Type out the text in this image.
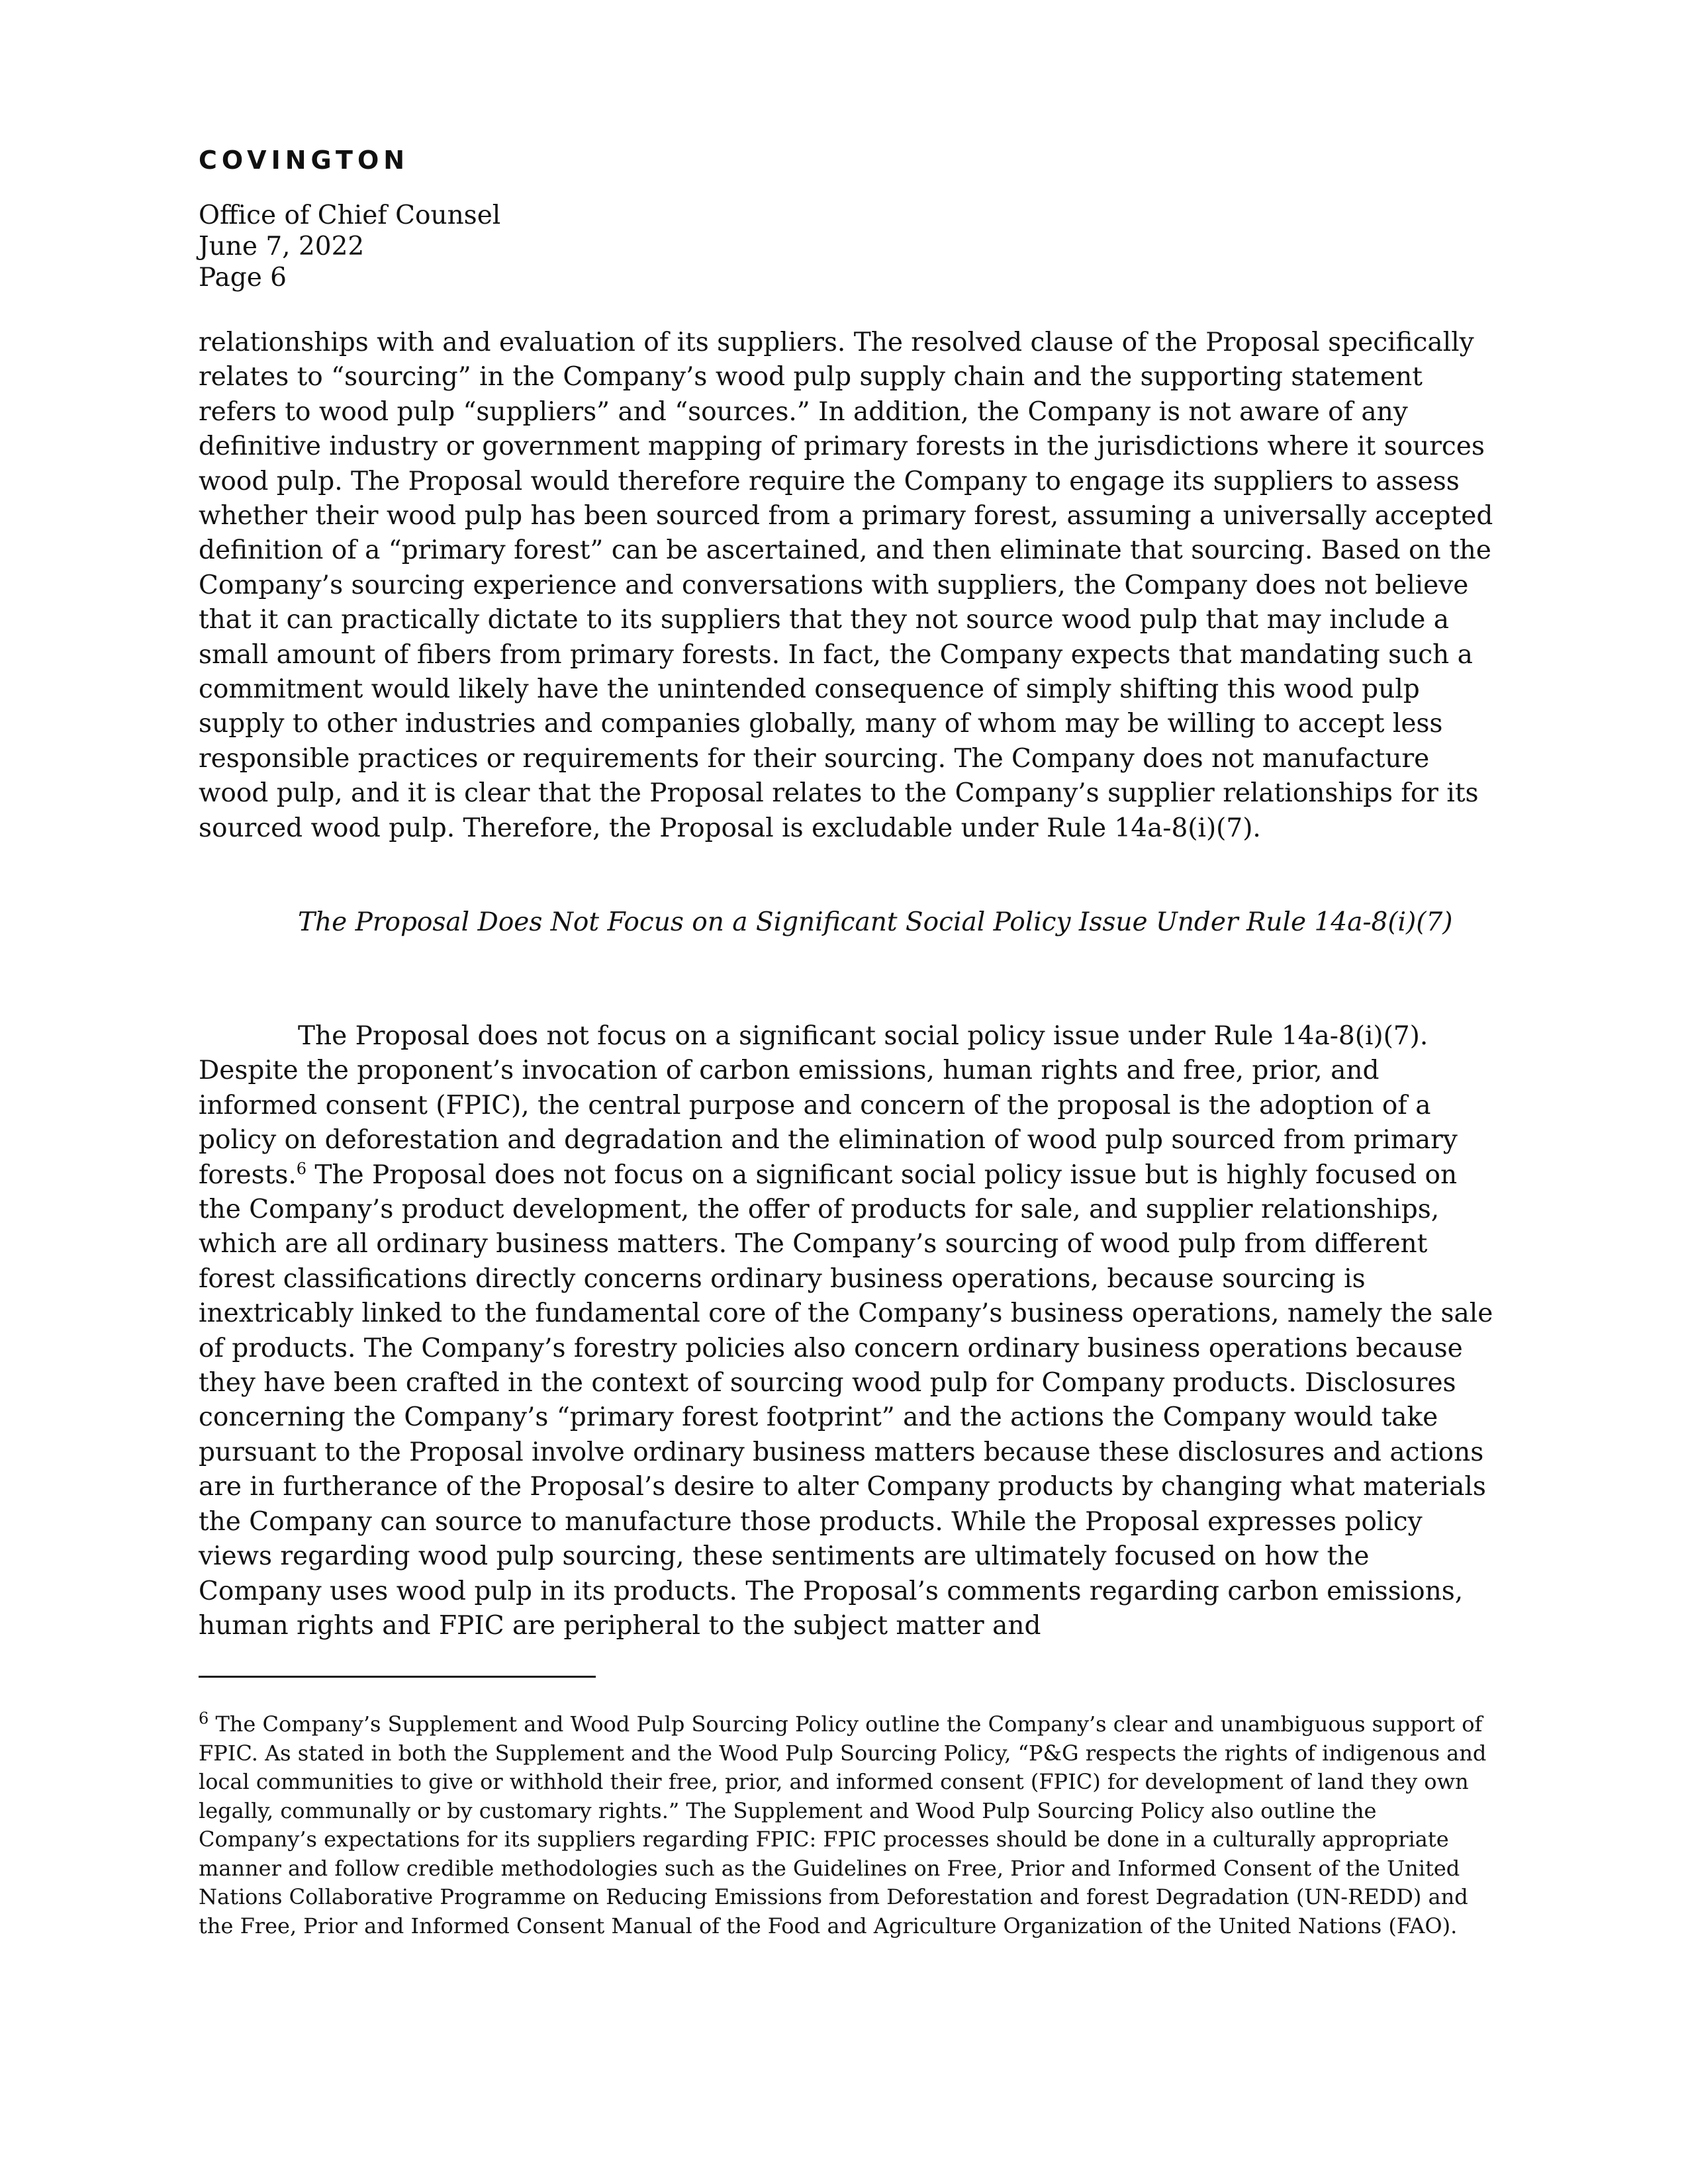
COVINGTON
Office of Chief Counsel
June 7, 2022
Page 6

relationships with and evaluation of its suppliers. The resolved clause of the Proposal specifically relates to “sourcing” in the Company’s wood pulp supply chain and the supporting statement refers to wood pulp “suppliers” and “sources.” In addition, the Company is not aware of any definitive industry or government mapping of primary forests in the jurisdictions where it sources wood pulp. The Proposal would therefore require the Company to engage its suppliers to assess whether their wood pulp has been sourced from a primary forest, assuming a universally accepted definition of a “primary forest” can be ascertained, and then eliminate that sourcing. Based on the Company’s sourcing experience and conversations with suppliers, the Company does not believe that it can practically dictate to its suppliers that they not source wood pulp that may include a small amount of fibers from primary forests. In fact, the Company expects that mandating such a commitment would likely have the unintended consequence of simply shifting this wood pulp supply to other industries and companies globally, many of whom may be willing to accept less responsible practices or requirements for their sourcing. The Company does not manufacture wood pulp, and it is clear that the Proposal relates to the Company’s supplier relationships for its sourced wood pulp. Therefore, the Proposal is excludable under Rule 14a-8(i)(7).

The Proposal Does Not Focus on a Significant Social Policy Issue Under Rule 14a-8(i)(7)

The Proposal does not focus on a significant social policy issue under Rule 14a-8(i)(7). Despite the proponent’s invocation of carbon emissions, human rights and free, prior, and informed consent (FPIC), the central purpose and concern of the proposal is the adoption of a policy on deforestation and degradation and the elimination of wood pulp sourced from primary forests.$^6$ The Proposal does not focus on a significant social policy issue but is highly focused on the Company’s product development, the offer of products for sale, and supplier relationships, which are all ordinary business matters. The Company’s sourcing of wood pulp from different forest classifications directly concerns ordinary business operations, because sourcing is inextricably linked to the fundamental core of the Company’s business operations, namely the sale of products. The Company’s forestry policies also concern ordinary business operations because they have been crafted in the context of sourcing wood pulp for Company products. Disclosures concerning the Company’s “primary forest footprint” and the actions the Company would take pursuant to the Proposal involve ordinary business matters because these disclosures and actions are in furtherance of the Proposal’s desire to alter Company products by changing what materials the Company can source to manufacture those products. While the Proposal expresses policy views regarding wood pulp sourcing, these sentiments are ultimately focused on how the Company uses wood pulp in its products. The Proposal’s comments regarding carbon emissions, human rights and FPIC are peripheral to the subject matter and

$^6$ The Company’s Supplement and Wood Pulp Sourcing Policy outline the Company’s clear and unambiguous support of FPIC. As stated in both the Supplement and the Wood Pulp Sourcing Policy, “P&G respects the rights of indigenous and local communities to give or withhold their free, prior, and informed consent (FPIC) for development of land they own legally, communally or by customary rights.” The Supplement and Wood Pulp Sourcing Policy also outline the Company’s expectations for its suppliers regarding FPIC: FPIC processes should be done in a culturally appropriate manner and follow credible methodologies such as the Guidelines on Free, Prior and Informed Consent of the United Nations Collaborative Programme on Reducing Emissions from Deforestation and forest Degradation (UN-REDD) and the Free, Prior and Informed Consent Manual of the Food and Agriculture Organization of the United Nations (FAO).
